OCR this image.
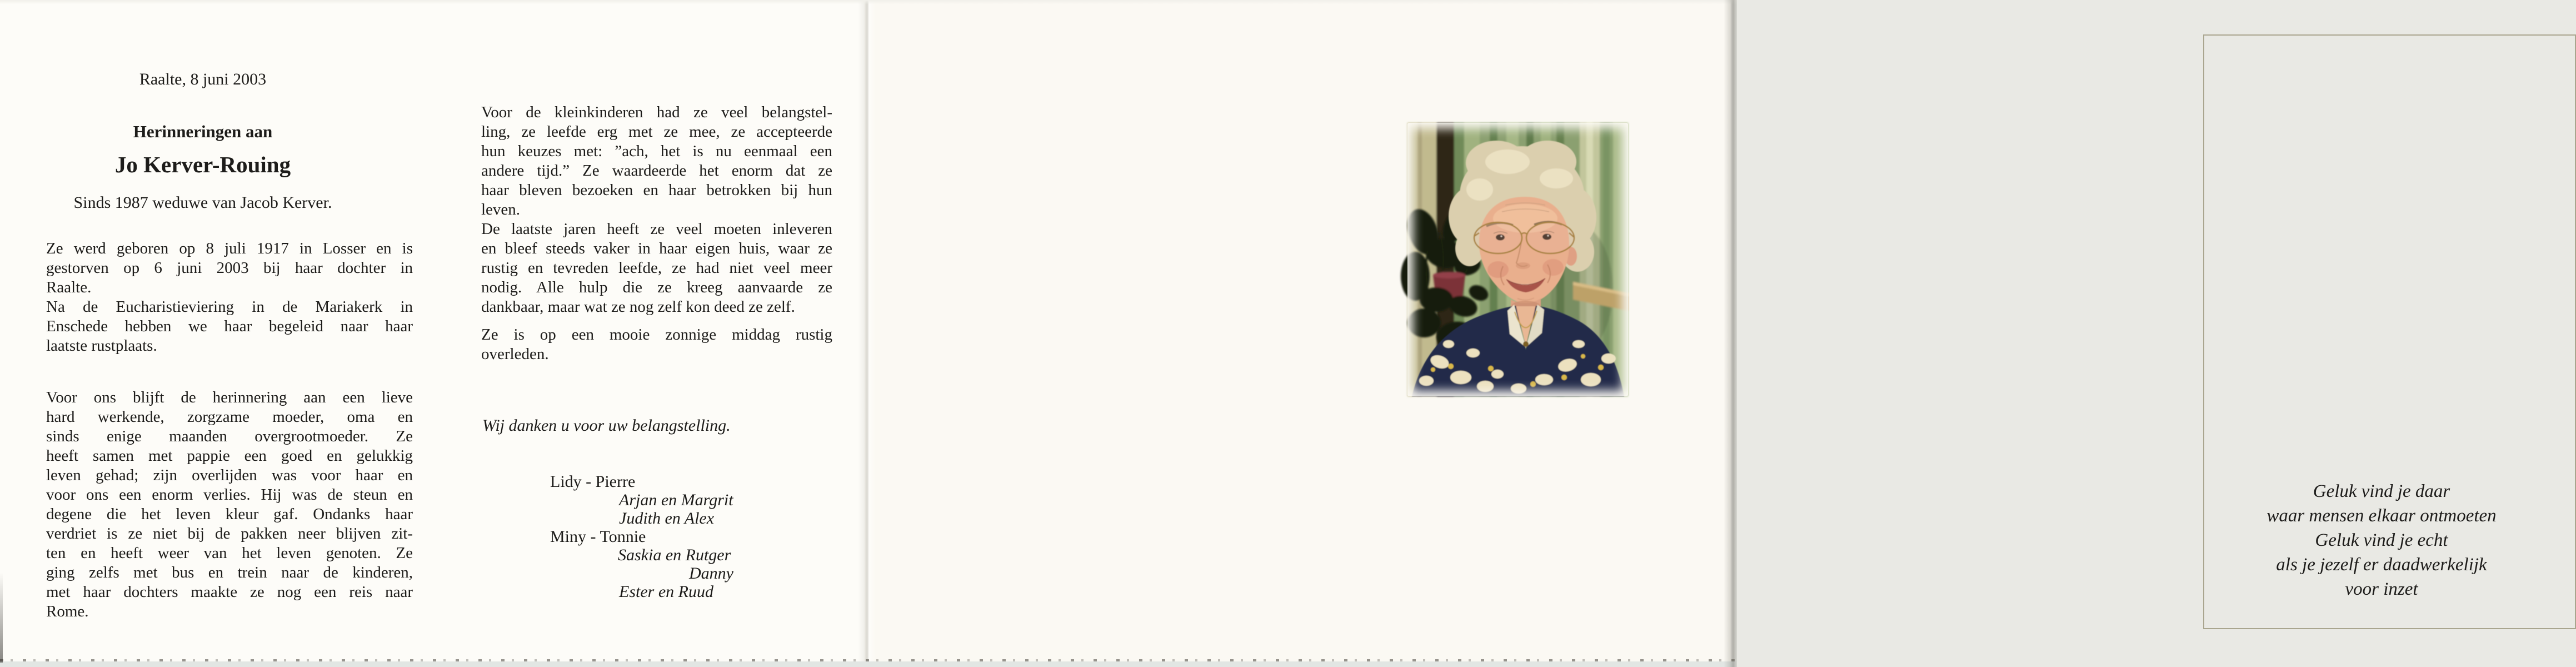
Raalte, 8 juni 2003
Herinneringen aan
Jo Kerver-Rouing
Sinds 1987 weduwe van Jacob Kerver.
Ze werd geboren op 8 juli 1917 in Losser en is
gestorven op 6 juni 2003 bij haar dochter in
Raalte.
Na de Eucharistieviering in de Mariakerk in
Enschede hebben we haar begeleid naar haar
laatste rustplaats.
Voor ons blijft de herinnering aan een lieve
hard werkende, zorgzame moeder, oma en
sinds enige maanden overgrootmoeder. Ze
heeft samen met pappie een goed en gelukkig
leven gehad; zijn overlijden was voor haar en
voor ons een enorm verlies. Hij was de steun en
degene die het leven kleur gaf. Ondanks haar
verdriet is ze niet bij de pakken neer blijven zit-
ten en heeft weer van het leven genoten. Ze
ging zelfs met bus en trein naar de kinderen,
met haar dochters maakte ze nog een reis naar
Rome.
Voor de kleinkinderen had ze veel belangstel-
ling, ze leefde erg met ze mee, ze accepteerde
hun keuzes met: ”ach, het is nu eenmaal een
andere tijd.” Ze waardeerde het enorm dat ze
haar bleven bezoeken en haar betrokken bij hun
leven.
De laatste jaren heeft ze veel moeten inleveren
en bleef steeds vaker in haar eigen huis, waar ze
rustig en tevreden leefde, ze had niet veel meer
nodig. Alle hulp die ze kreeg aanvaarde ze
dankbaar, maar wat ze nog zelf kon deed ze zelf.
Ze is op een mooie zonnige middag rustig
overleden.
Wij danken u voor uw belangstelling.
Lidy - Pierre
Arjan en Margrit
Judith en Alex
Miny - Tonnie
Saskia en Rutger
Danny
Ester en Ruud
Geluk vind je daar
waar mensen elkaar ontmoeten
Geluk vind je echt
als je jezelf er daadwerkelijk
voor inzet
